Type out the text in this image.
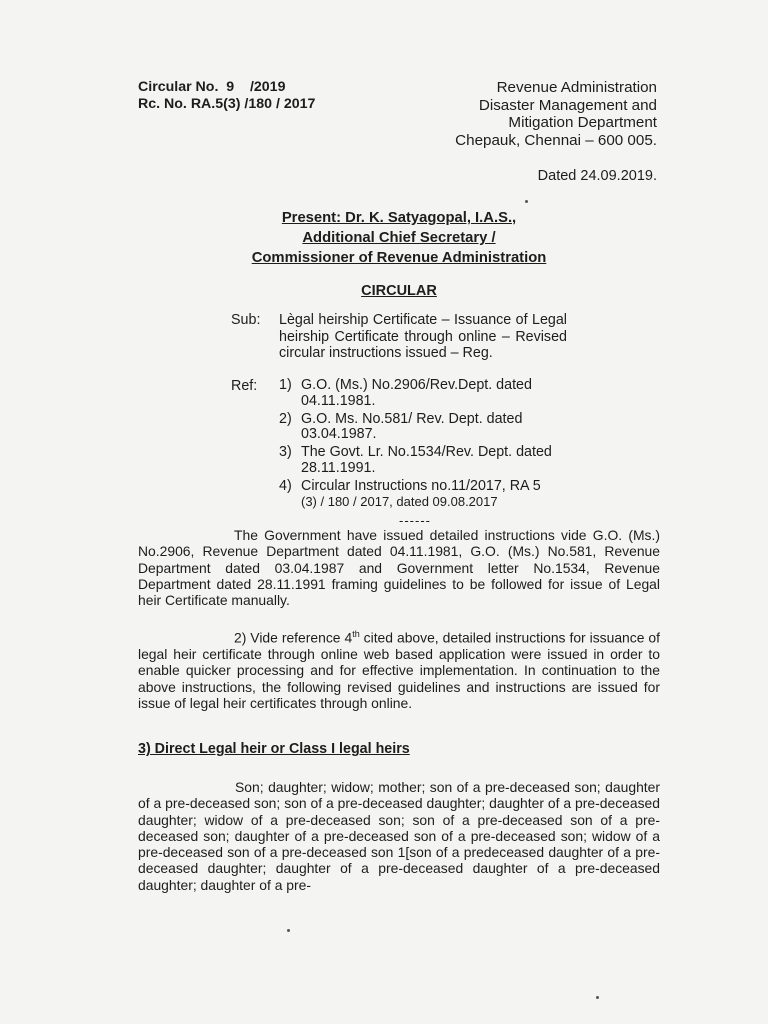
Circular No.  9    /2019
Rc. No. RA.5(3) /180 / 2017
Revenue Administration
Disaster Management and
Mitigation Department
Chepauk, Chennai – 600 005.
Dated 24.09.2019.
Present: Dr. K. Satyagopal, I.A.S.,
Additional Chief Secretary /
Commissioner of Revenue Administration
CIRCULAR
Sub: Lègal heirship Certificate – Issuance of Legal heirship Certificate through online – Revised circular instructions issued – Reg.
Ref: 1) G.O. (Ms.) No.2906/Rev.Dept. dated 04.11.1981.
2) G.O. Ms. No.581/ Rev. Dept. dated 03.04.1987.
3) The Govt. Lr. No.1534/Rev. Dept. dated 28.11.1991.
4) Circular Instructions no.11/2017, RA 5
(3) / 180 / 2017, dated 09.08.2017
------
The Government have issued detailed instructions vide G.O. (Ms.) No.2906, Revenue Department dated 04.11.1981, G.O. (Ms.) No.581, Revenue Department dated 03.04.1987 and Government letter No.1534, Revenue Department dated 28.11.1991 framing guidelines to be followed for issue of Legal heir Certificate manually.
2) Vide reference 4th cited above, detailed instructions for issuance of legal heir certificate through online web based application were issued in order to enable quicker processing and for effective implementation. In continuation to the above instructions, the following revised guidelines and instructions are issued for issue of legal heir certificates through online.
3) Direct Legal heir or Class I legal heirs
Son; daughter; widow; mother; son of a pre-deceased son; daughter of a pre-deceased son; son of a pre-deceased daughter; daughter of a pre-deceased daughter; widow of a pre-deceased son; son of a pre-deceased son of a pre-deceased son; daughter of a pre-deceased son of a pre-deceased son; widow of a pre-deceased son of a pre-deceased son 1[son of a predeceased daughter of a pre-deceased daughter; daughter of a pre-deceased daughter of a pre-deceased daughter; daughter of a pre-
